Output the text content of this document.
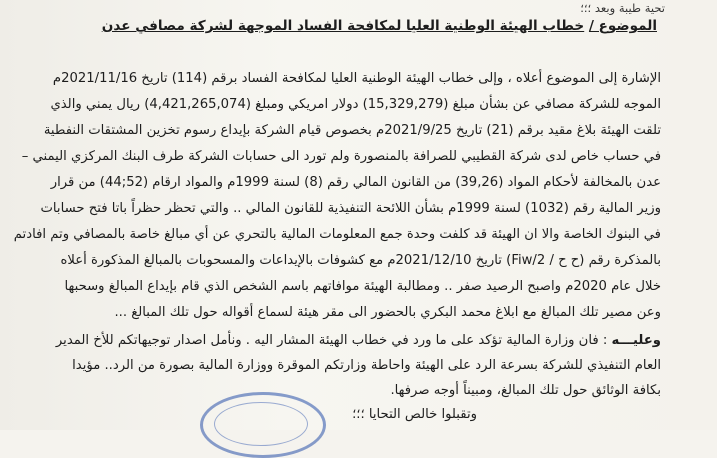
تحية طيبة وبعد ؛؛؛
الموضوع / خطاب الهيئة الوطنية العليا لمكافحة الفساد الموجهة لشركة مصافي عدن
الإشارة إلى الموضوع أعلاه ، وإلى خطاب الهيئة الوطنية العليا لمكافحة الفساد برقم (114) تاريخ 2021/11/16م
الموجه للشركة مصافي عن بشأن مبلغ (15,329,279) دولار امريكي ومبلغ (4,421,265,074) ريال يمني والذي
تلقت الهيئة بلاغ مقيد برقم (21) تاريخ 2021/9/25م بخصوص قيام الشركة بإيداع رسوم تخزين المشتقات النفطية
في حساب خاص لدى شركة القطيبي للصرافة بالمنصورة ولم تورد الى حسابات الشركة طرف البنك المركزي اليمني –
عدن بالمخالفة لأحكام المواد (39,26) من القانون المالي رقم (8) لسنة 1999م والمواد ارقام (52;44) من قرار
وزير المالية رقم (1032) لسنة 1999م بشأن اللائحة التنفيذية للقانون المالي .. والتي تحظر حظراً باتا فتح حسابات
في البنوك الخاصة والا ان الهيئة قد كلفت وحدة جمع المعلومات المالية بالتحري عن أي مبالغ خاصة بالمصافي وتم افادتم
بالمذكرة رقم (ح ح / 2/Fiw) تاريخ 2021/12/10م مع كشوفات بالإيداعات والمسحوبات بالمبالغ المذكورة أعلاه
خلال عام 2020م واصبح الرصيد صفر .. ومطالبة الهيئة موافاتهم باسم الشخص الذي قام بإيداع المبالغ وسحبها
وعن مصير تلك المبالغ مع ابلاغ محمد البكري بالحضور الى مقر هيئة لسماع أقواله حول تلك المبالغ ...
وعليـــه : فان وزارة المالية تؤكد على ما ورد في خطاب الهيئة المشار اليه . ونأمل اصدار توجيهاتكم للأخ المدير
العام التنفيذي للشركة بسرعة الرد على الهيئة واحاطة وزارتكم الموقرة ووزارة المالية بصورة من الرد.. مؤيدا
بكافة الوثائق حول تلك المبالغ، ومبيناً أوجه صرفها.
وتقبلوا خالص التحايا ؛؛؛
